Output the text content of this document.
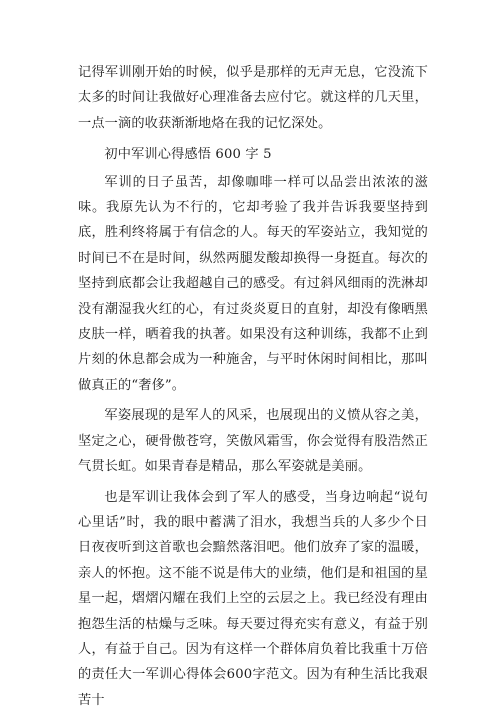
记得军训刚开始的时候，似乎是那样的无声无息，它没流下太多的时间让我做好心理准备去应付它。就这样的几天里，一点一滴的收获渐渐地烙在我的记忆深处。

初中军训心得感悟 600 字 5

军训的日子虽苦，却像咖啡一样可以品尝出浓浓的滋味。我原先认为不行的，它却考验了我并告诉我要坚持到底，胜利终将属于有信念的人。每天的军姿站立，我知觉的时间已不在是时间，纵然两腿发酸却换得一身挺直。每次的坚持到底都会让我超越自己的感受。有过斜风细雨的洗淋却没有潮湿我火红的心，有过炎炎夏日的直射，却没有像晒黑皮肤一样，晒着我的执著。如果没有这种训练，我都不止到片刻的休息都会成为一种施舍，与平时休闲时间相比，那叫做真正的“奢侈”。

军姿展现的是军人的风采，也展现出的义愤从容之美，坚定之心，硬骨傲苍穹，笑傲风霜雪，你会觉得有股浩然正气贯长虹。如果青春是精品，那么军姿就是美丽。

也是军训让我体会到了军人的感受，当身边响起“说句心里话”时，我的眼中蓄满了泪水，我想当兵的人多少个日日夜夜听到这首歌也会黯然落泪吧。他们放弃了家的温暖，亲人的怀抱。这不能不说是伟大的业绩，他们是和祖国的星星一起，熠熠闪耀在我们上空的云层之上。我已经没有理由抱怨生活的枯燥与乏味。每天要过得充实有意义，有益于别人，有益于自己。因为有这样一个群体肩负着比我重十万倍的责任大一军训心得体会600字范文。因为有种生活比我艰苦十
